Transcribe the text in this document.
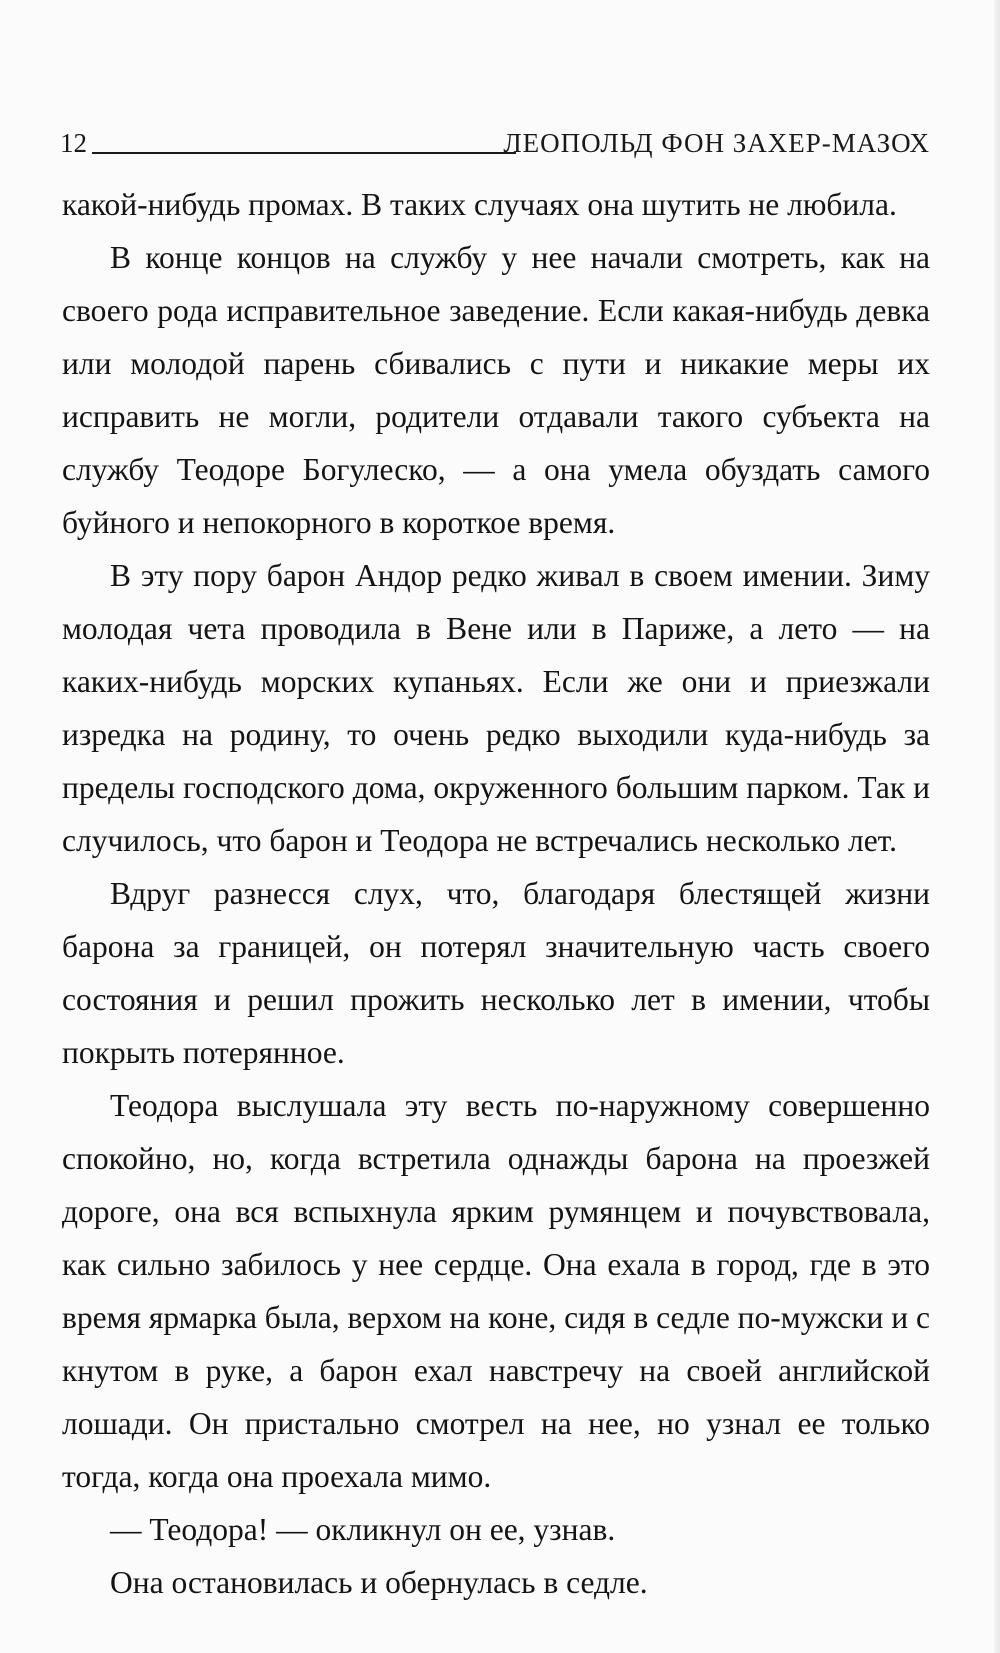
12	ЛЕОПОЛЬД ФОН ЗАХЕР-МАЗОХ

какой-нибудь промах. В таких случаях она шутить не любила.

В конце концов на службу у нее начали смотреть, как на своего рода исправительное заведение. Если какая-нибудь девка или молодой парень сбивались с пути и никакие меры их исправить не могли, родители отдавали такого субъекта на службу Теодоре Богулеско, — а она умела обуздать самого буйного и непокорного в короткое время.

В эту пору барон Андор редко живал в своем имении. Зиму молодая чета проводила в Вене или в Париже, а лето — на каких-нибудь морских купаньях. Если же они и приезжали изредка на родину, то очень редко выходили куда-нибудь за пределы господского дома, окруженного большим парком. Так и случилось, что барон и Теодора не встречались несколько лет.

Вдруг разнесся слух, что, благодаря блестящей жизни барона за границей, он потерял значительную часть своего состояния и решил прожить несколько лет в имении, чтобы покрыть потерянное.

Теодора выслушала эту весть по-наружному совершенно спокойно, но, когда встретила однажды барона на проезжей дороге, она вся вспыхнула ярким румянцем и почувствовала, как сильно забилось у нее сердце. Она ехала в город, где в это время ярмарка была, верхом на коне, сидя в седле по-мужски и с кнутом в руке, а барон ехал навстречу на своей английской лошади. Он пристально смотрел на нее, но узнал ее только тогда, когда она проехала мимо.

— Теодора! — окликнул он ее, узнав.

Она остановилась и обернулась в седле.
